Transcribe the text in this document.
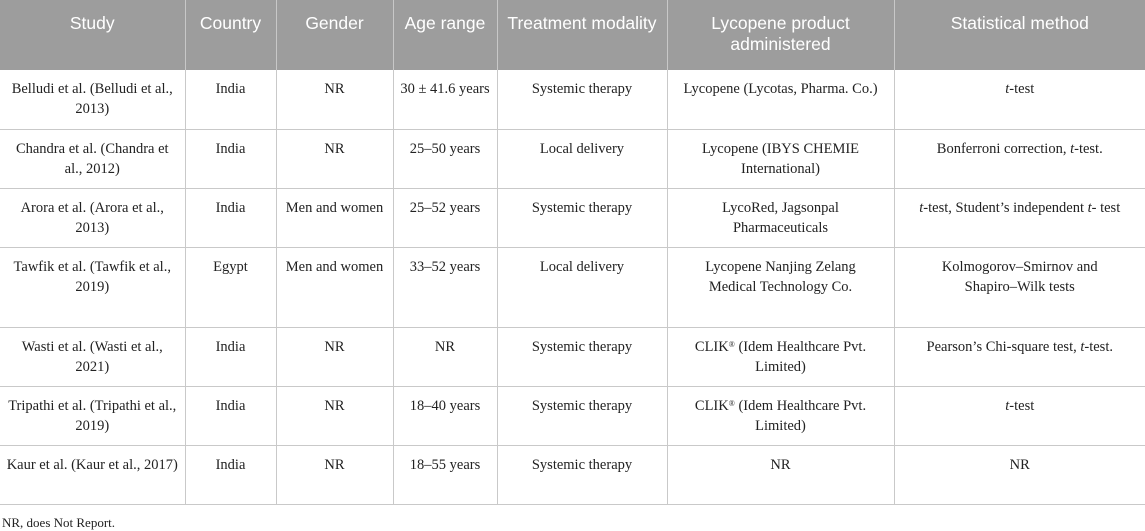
Study	Country	Gender	Age range	Treatment modality	Lycopene product administered	Statistical method
Belludi et al. (Belludi et al., 2013)	India	NR	30 ± 41.6 years	Systemic therapy	Lycopene (Lycotas, Pharma. Co.)	t-test
Chandra et al. (Chandra et al., 2012)	India	NR	25–50 years	Local delivery	Lycopene (IBYS CHEMIE International)	Bonferroni correction, t-test.
Arora et al. (Arora et al., 2013)	India	Men and women	25–52 years	Systemic therapy	LycoRed, Jagsonpal Pharmaceuticals	t-test, Student’s independent t- test
Tawfik et al. (Tawfik et al., 2019)	Egypt	Men and women	33–52 years	Local delivery	Lycopene Nanjing Zelang Medical Technology Co.	Kolmogorov–Smirnov and Shapiro–Wilk tests
Wasti et al. (Wasti et al., 2021)	India	NR	NR	Systemic therapy	CLIK® (Idem Healthcare Pvt. Limited)	Pearson’s Chi-square test, t-test.
Tripathi et al. (Tripathi et al., 2019)	India	NR	18–40 years	Systemic therapy	CLIK® (Idem Healthcare Pvt. Limited)	t-test
Kaur et al. (Kaur et al., 2017)	India	NR	18–55 years	Systemic therapy	NR	NR
NR, does Not Report.
